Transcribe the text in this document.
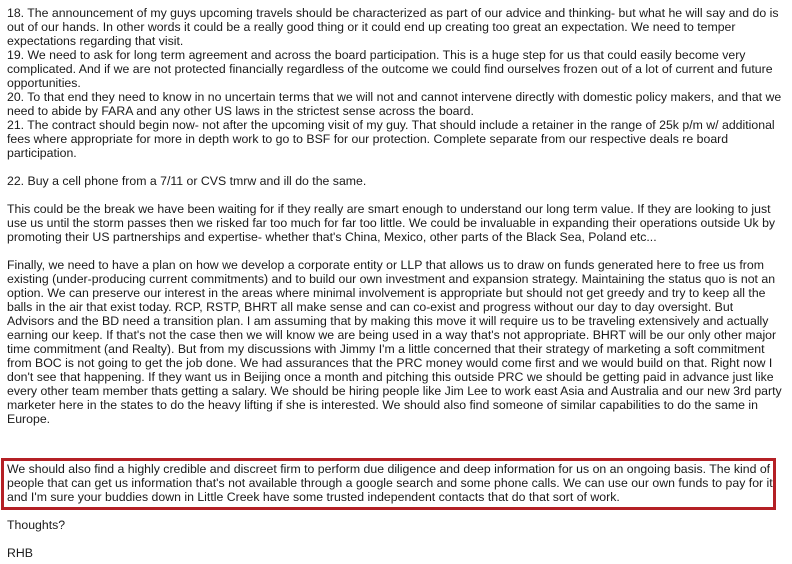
18. The announcement of my guys upcoming travels should be characterized as part of our advice and thinking- but what he will say and do is out of our hands. In other words it could be a really good thing or it could end up creating too great an expectation. We need to temper expectations regarding that visit.

19. We need to ask for long term agreement and across the board participation. This is a huge step for us that could easily become very complicated. And if we are not protected financially regardless of the outcome we could find ourselves frozen out of a lot of current and future opportunities.

20. To that end they need to know in no uncertain terms that we will not and cannot intervene directly with domestic policy makers, and that we need to abide by FARA and any other US laws in the strictest sense across the board.

21. The contract should begin now- not after the upcoming visit of my guy. That should include a retainer in the range of 25k p/m w/ additional fees where appropriate for more in depth work to go to BSF for our protection. Complete separate from our respective deals re board participation.

22. Buy a cell phone from a 7/11 or CVS tmrw and ill do the same.

This could be the break we have been waiting for if they really are smart enough to understand our long term value. If they are looking to just use us until the storm passes then we risked far too much for far too little. We could be invaluable in expanding their operations outside Uk by promoting their US partnerships and expertise- whether that's China, Mexico, other parts of the Black Sea, Poland etc...

Finally, we need to have a plan on how we develop a corporate entity or LLP that allows us to draw on funds generated here to free us from existing (under-producing current commitments) and to build our own investment and expansion strategy. Maintaining the status quo is not an option. We can preserve our interest in the areas where minimal involvement is appropriate but should not get greedy and try to keep all the balls in the air that exist today. RCP, RSTP, BHRT all make sense and can co-exist and progress without our day to day oversight. But Advisors and the BD need a transition plan. I am assuming that by making this move it will require us to be traveling extensively and actually earning our keep. If that's not the case then we will know we are being used in a way that's not appropriate. BHRT will be our only other major time commitment (and Realty). But from my discussions with Jimmy I'm a little concerned that their strategy of marketing a soft commitment from BOC is not going to get the job done. We had assurances that the PRC money would come first and we would build on that. Right now I don't see that happening. If they want us in Beijing once a month and pitching this outside PRC we should be getting paid in advance just like every other team member thats getting a salary. We should be hiring people like Jim Lee to work east Asia and Australia and our new 3rd party marketer here in the states to do the heavy lifting if she is interested. We should also find someone of similar capabilities to do the same in Europe.

We should also find a highly credible and discreet firm to perform due diligence and deep information for us on an ongoing basis. The kind of people that can get us information that's not available through a google search and some phone calls. We can use our own funds to pay for it and I'm sure your buddies down in Little Creek have some trusted independent contacts that do that sort of work.

Thoughts?

RHB
